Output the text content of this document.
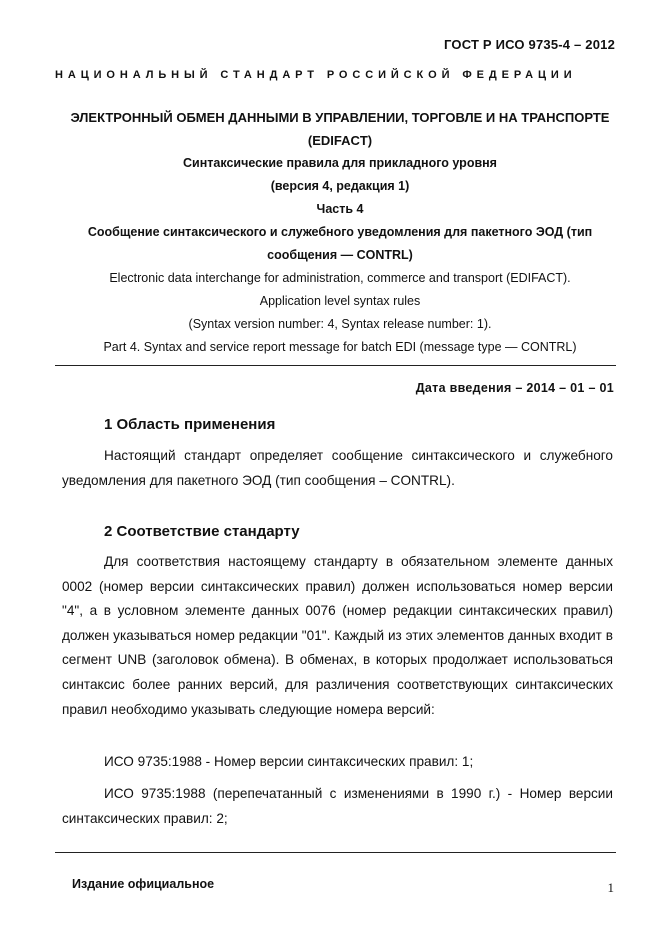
ГОСТ Р ИСО 9735-4 – 2012
НАЦИОНАЛЬНЫЙ СТАНДАРТ РОССИЙСКОЙ ФЕДЕРАЦИИ
ЭЛЕКТРОННЫЙ ОБМЕН ДАННЫМИ В УПРАВЛЕНИИ, ТОРГОВЛЕ И НА ТРАНСПОРТЕ
(EDIFACT)
Синтаксические правила для прикладного уровня
(версия 4, редакция 1)
Часть 4
Сообщение синтаксического и служебного уведомления для пакетного ЭОД (тип
сообщения — CONTRL)
Electronic data interchange for administration, commerce and transport (EDIFACT).
Application level syntax rules
(Syntax version number: 4, Syntax release number: 1).
Part 4. Syntax and service report message for batch EDI (message type — CONTRL)
Дата введения – 2014 – 01 – 01
1 Область применения
Настоящий стандарт определяет сообщение синтаксического и служебного уведомления для пакетного ЭОД (тип сообщения – CONTRL).
2 Соответствие стандарту
Для соответствия настоящему стандарту в обязательном элементе данных 0002 (номер версии синтаксических правил) должен использоваться номер версии "4", а в условном элементе данных 0076 (номер редакции синтаксических правил) должен указываться номер редакции "01". Каждый из этих элементов данных входит в сегмент UNB (заголовок обмена). В обменах, в которых продолжает использоваться синтаксис более ранних версий, для различения соответствующих синтаксических правил необходимо указывать следующие номера версий:
ИСО 9735:1988 - Номер версии синтаксических правил: 1;
ИСО 9735:1988 (перепечатанный с изменениями в 1990 г.) - Номер версии синтаксических правил: 2;
Издание официальное	1
